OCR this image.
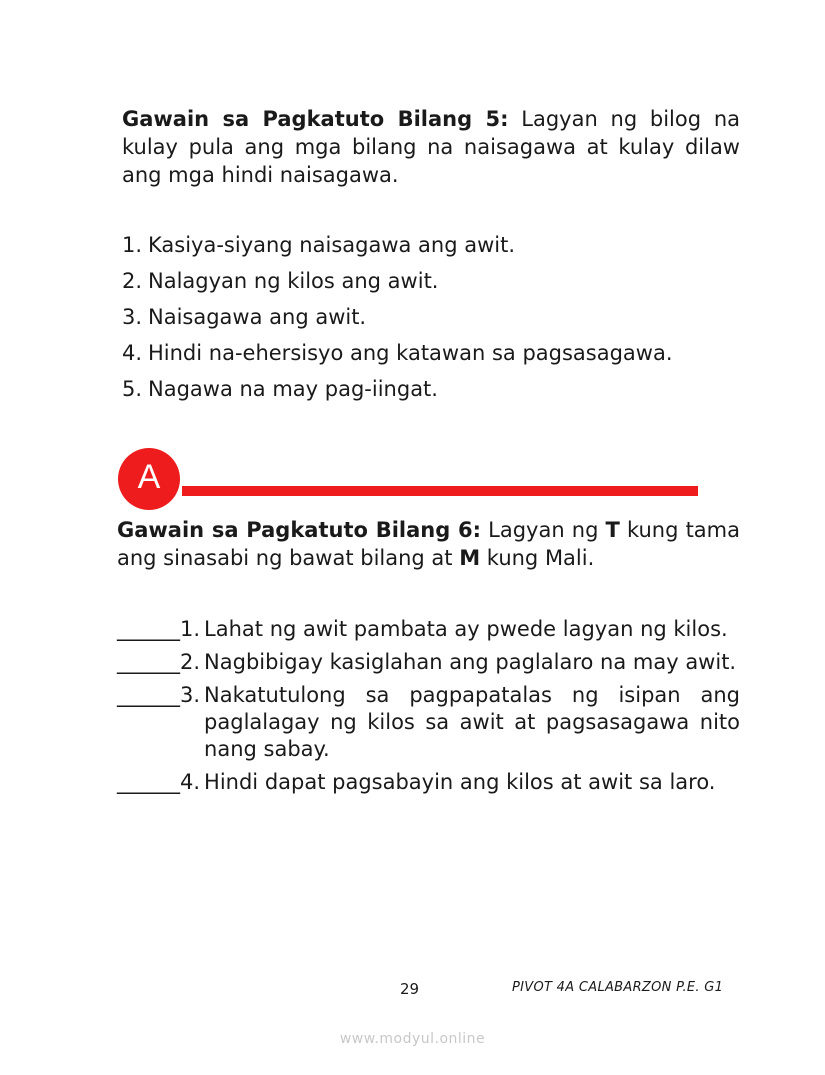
Gawain sa Pagkatuto Bilang 5: Lagyan ng bilog na kulay pula ang mga bilang na naisagawa at kulay dilaw ang mga hindi naisagawa.

1. Kasiya-siyang naisagawa ang awit.
2. Nalagyan ng kilos ang awit.
3. Naisagawa ang awit.
4. Hindi na-ehersisyo ang katawan sa pagsasagawa.
5. Nagawa na may pag-iingat.
A

Gawain sa Pagkatuto Bilang 6: Lagyan ng T kung tama ang sinasabi ng bawat bilang at M kung Mali.

______ 1. Lahat ng awit pambata ay pwede lagyan ng kilos.
______ 2. Nagbibigay kasiglahan ang paglalaro na may awit.
______ 3. Nakatutulong sa pagpapatalas ng isipan ang paglalagay ng kilos sa awit at pagsasagawa nito nang sabay.
______ 4. Hindi dapat pagsabayin ang kilos at awit sa laro.
29	PIVOT 4A CALABARZON P.E. G1
www.modyul.online
